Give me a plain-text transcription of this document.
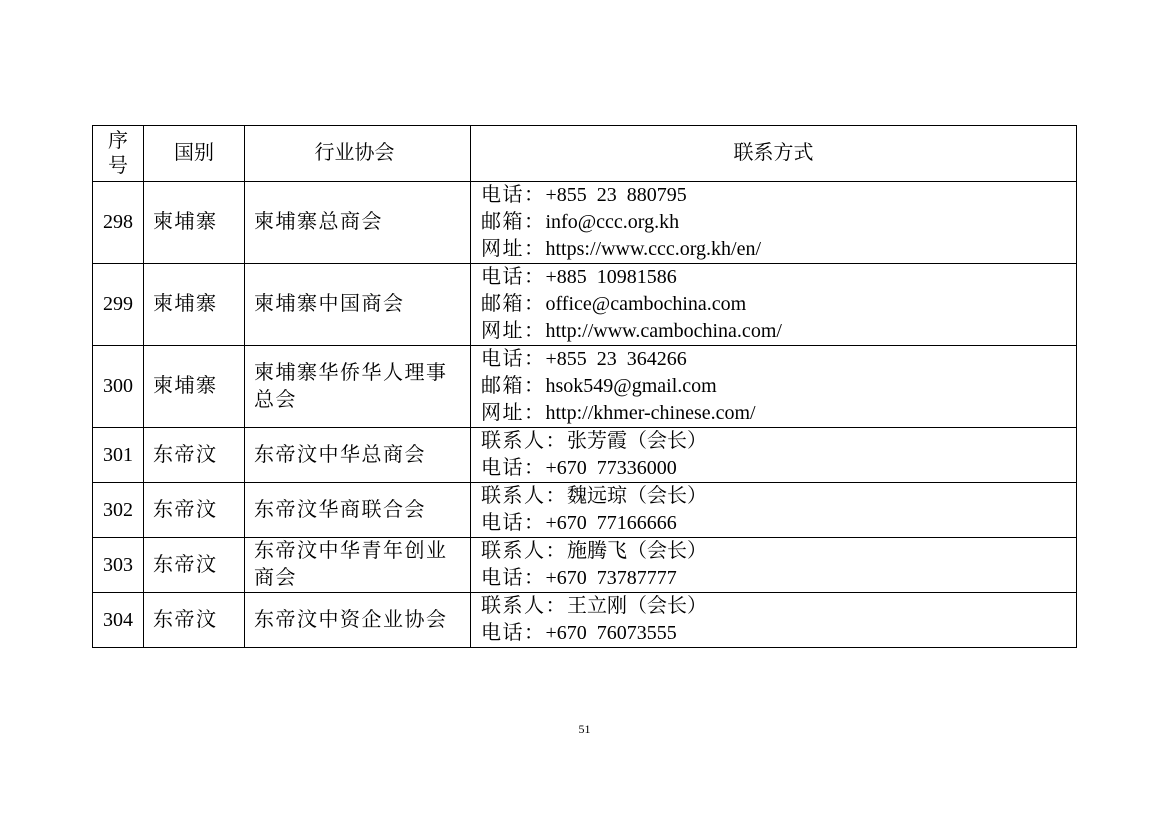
序
号	国别	行业协会	联系方式
298	柬埔寨	柬埔寨总商会	电话：+855  23  880795
邮箱：info@ccc.org.kh
网址：https://www.ccc.org.kh/en/

299	柬埔寨	柬埔寨中国商会	电话：+885  10981586
邮箱：office@cambochina.com
网址：http://www.cambochina.com/

300	柬埔寨	柬埔寨华侨华人理事总会	电话：+855  23  364266
邮箱：hsok549@gmail.com
网址：http://khmer-chinese.com/

301	东帝汶	东帝汶中华总商会	联系人：张芳霞（会长）
电话：+670  77336000

302	东帝汶	东帝汶华商联合会	联系人：魏远琼（会长）
电话：+670  77166666

303	东帝汶	东帝汶中华青年创业商会	联系人：施腾飞（会长）
电话：+670  73787777

304	东帝汶	东帝汶中资企业协会	联系人：王立刚（会长）
电话：+670  76073555
51
